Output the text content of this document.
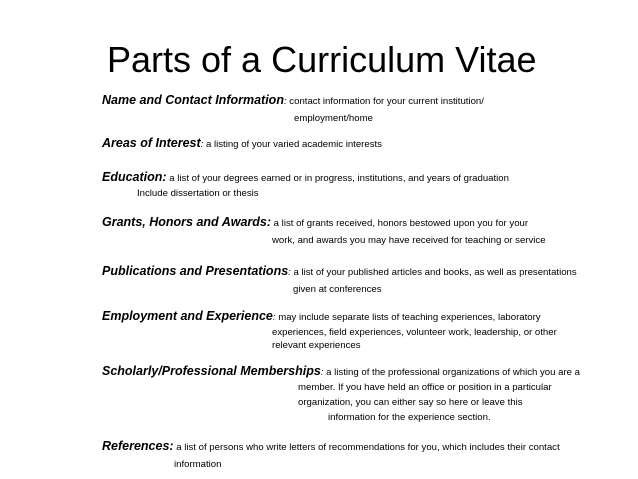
Parts of a Curriculum Vitae
Name and Contact Information: contact information for your current institution/
employment/home
Areas of Interest: a listing of your varied academic interests
Education: a list of your degrees earned or in progress, institutions, and years of graduation
Include dissertation or thesis
Grants, Honors and Awards: a list of grants received, honors bestowed upon you for your
work, and awards you may have received for teaching or service
Publications and Presentations: a list of your published articles and books, as well as presentations
given at conferences
Employment and Experience: may include separate lists of teaching experiences, laboratory
experiences, field experiences, volunteer work, leadership, or other
relevant experiences
Scholarly/Professional Memberships: a listing of the professional organizations of which you are a
member. If you have held an office or position in a particular
organization, you can either say so here or leave this
information for the experience section.
References: a list of persons who write letters of recommendations for you, which includes their contact
information
